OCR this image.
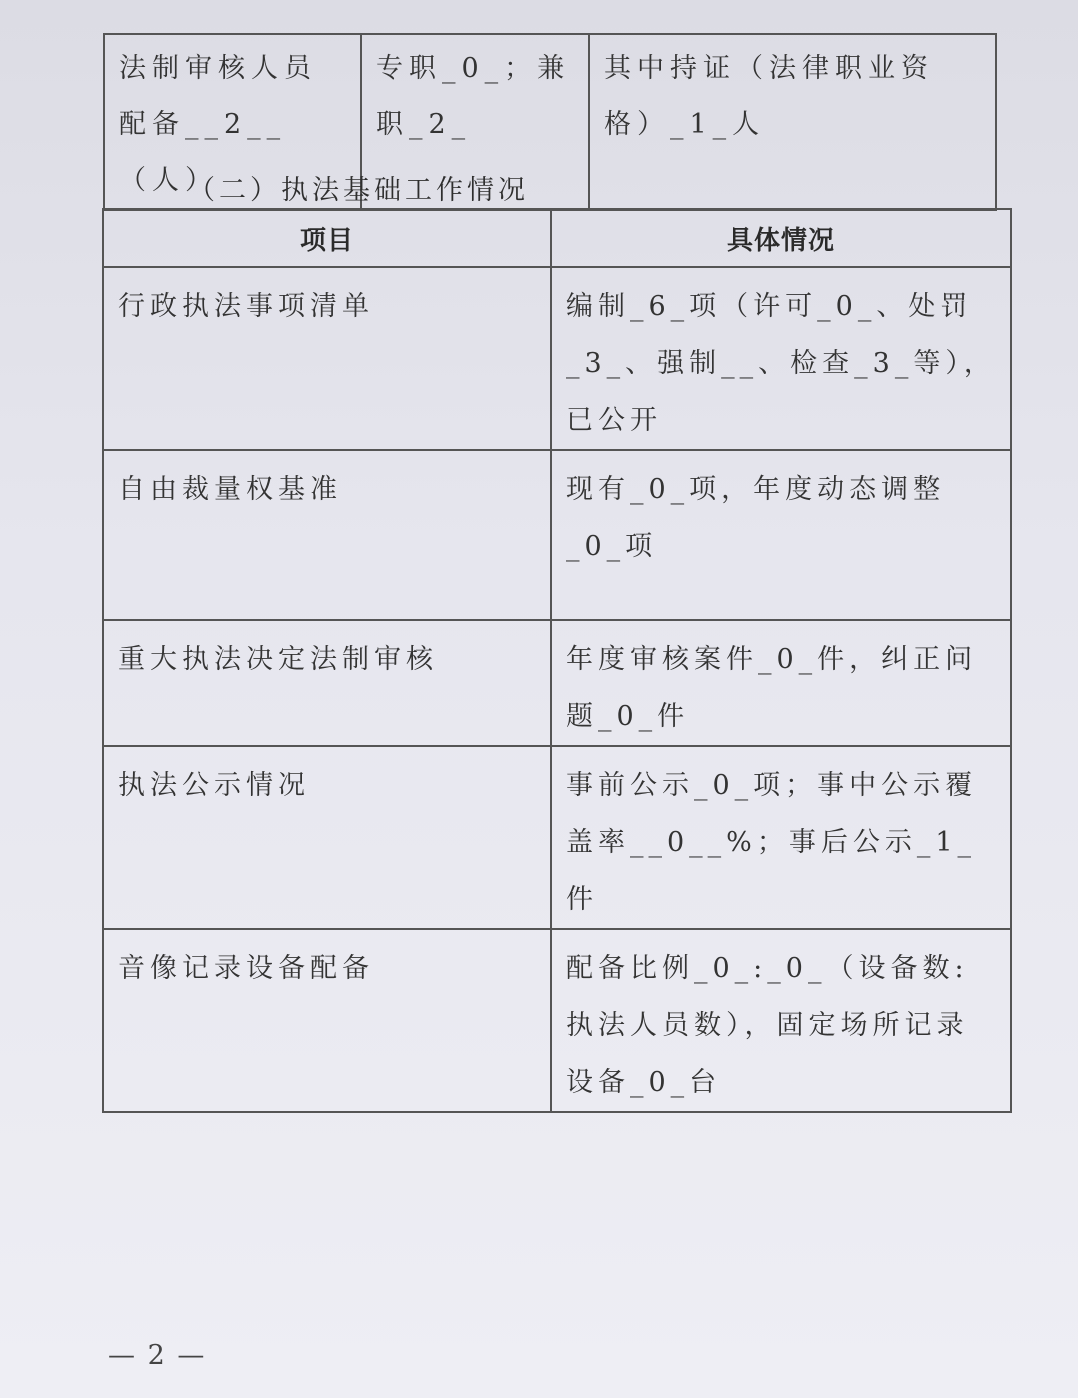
法制审核人员配备__2__（人）	专职_0_；兼职_2_	其中持证（法律职业资格）_1_人
（二）执法基础工作情况
项目	具体情况
行政执法事项清单	编制_6_项（许可_0_、处罚_3_、强制__、检查_3_等），已公开
自由裁量权基准	现有_0_项，年度动态调整_0_项
重大执法决定法制审核	年度审核案件_0_件，纠正问题_0_件
执法公示情况	事前公示_0_项；事中公示覆盖率__0__%；事后公示_1_件
音像记录设备配备	配备比例_0_:_0_（设备数:执法人员数），固定场所记录设备_0_台
— 2 —
